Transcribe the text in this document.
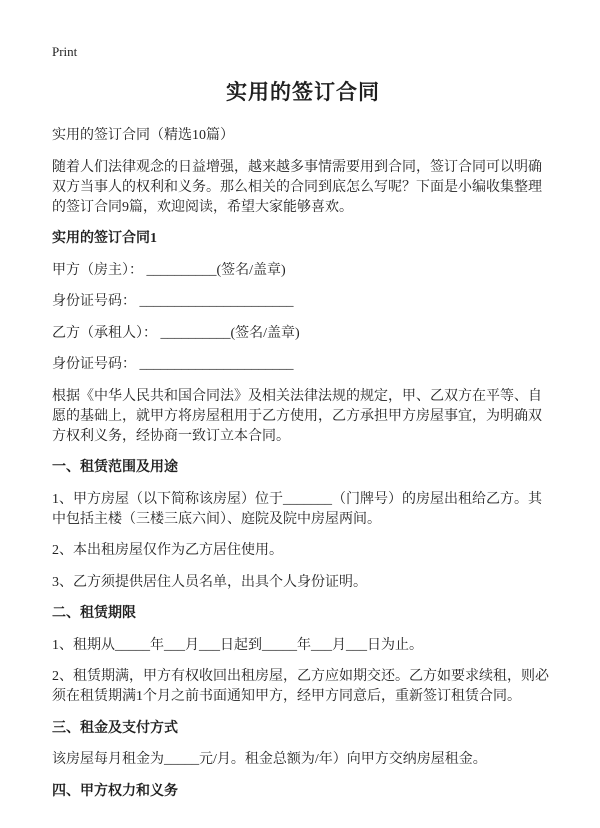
Print
实用的签订合同

实用的签订合同（精选10篇）

随着人们法律观念的日益增强，越来越多事情需要用到合同，签订合同可以明确双方当事人的权利和义务。那么相关的合同到底怎么写呢？下面是小编收集整理的签订合同9篇，欢迎阅读，希望大家能够喜欢。

实用的签订合同1

甲方（房主）： __________(签名/盖章)

身份证号码： ______________________

乙方（承租人）： __________(签名/盖章)

身份证号码： ______________________

根据《中华人民共和国合同法》及相关法律法规的规定，甲、乙双方在平等、自愿的基础上，就甲方将房屋租用于乙方使用，乙方承担甲方房屋事宜，为明确双方权利义务，经协商一致订立本合同。

一、租赁范围及用途

1、甲方房屋（以下简称该房屋）位于_______（门牌号）的房屋出租给乙方。其中包括主楼（三楼三底六间）、庭院及院中房屋两间。

2、本出租房屋仅作为乙方居住使用。

3、乙方须提供居住人员名单，出具个人身份证明。

二、租赁期限

1、租期从_____年___月___日起到_____年___月___日为止。

2、租赁期满，甲方有权收回出租房屋，乙方应如期交还。乙方如要求续租，则必须在租赁期满1个月之前书面通知甲方，经甲方同意后，重新签订租赁合同。

三、租金及支付方式

该房屋每月租金为_____元/月。租金总额为/年）向甲方交纳房屋租金。

四、甲方权力和义务
